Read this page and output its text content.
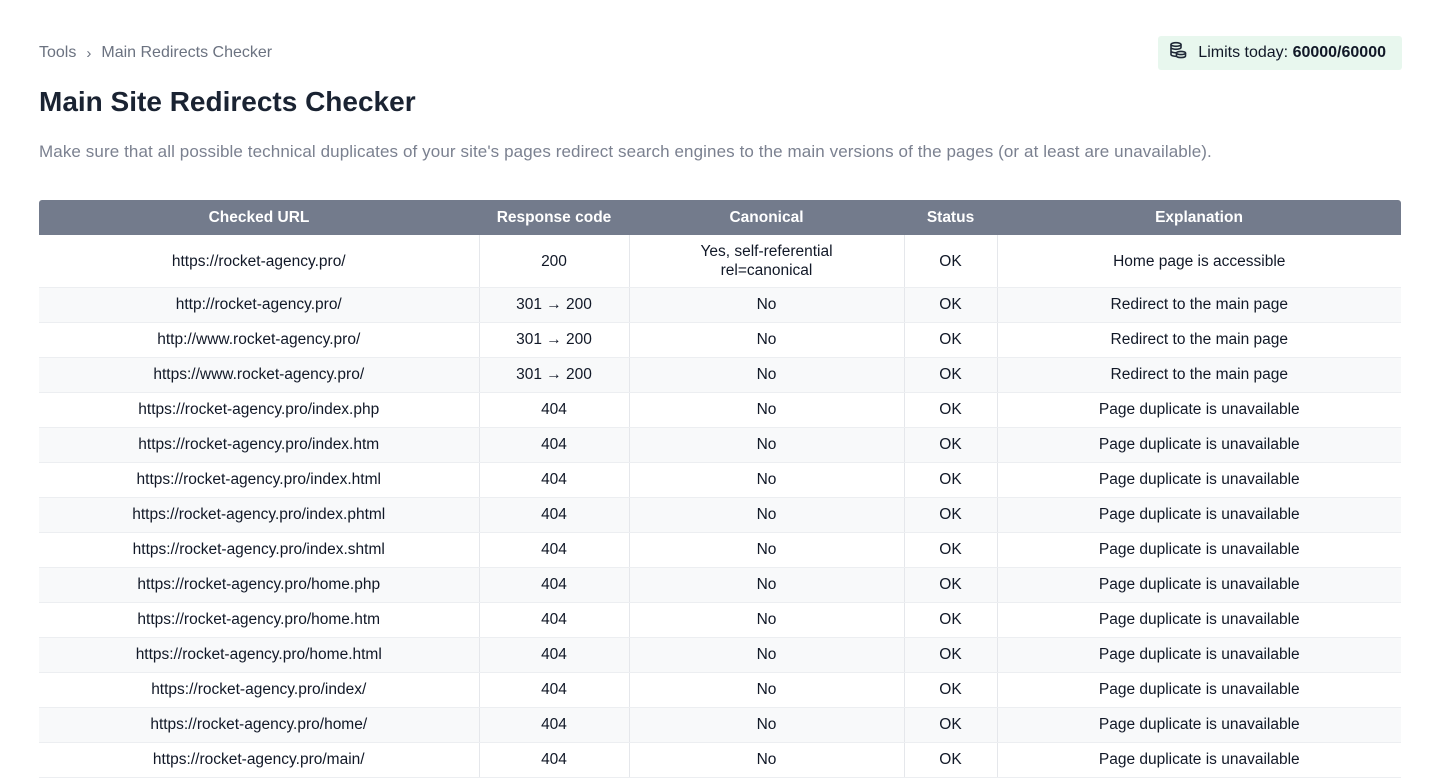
Tools › Main Redirects Checker	Limits today: 60000/60000
Main Site Redirects Checker

Make sure that all possible technical duplicates of your site's pages redirect search engines to the main versions of the pages (or at least are unavailable).

Checked URL	Response code	Canonical	Status	Explanation
https://rocket-agency.pro/	200	Yes, self-referential rel=canonical	OK	Home page is accessible
http://rocket-agency.pro/	301 → 200	No	OK	Redirect to the main page
http://www.rocket-agency.pro/	301 → 200	No	OK	Redirect to the main page
https://www.rocket-agency.pro/	301 → 200	No	OK	Redirect to the main page
https://rocket-agency.pro/index.php	404	No	OK	Page duplicate is unavailable
https://rocket-agency.pro/index.htm	404	No	OK	Page duplicate is unavailable
https://rocket-agency.pro/index.html	404	No	OK	Page duplicate is unavailable
https://rocket-agency.pro/index.phtml	404	No	OK	Page duplicate is unavailable
https://rocket-agency.pro/index.shtml	404	No	OK	Page duplicate is unavailable
https://rocket-agency.pro/home.php	404	No	OK	Page duplicate is unavailable
https://rocket-agency.pro/home.htm	404	No	OK	Page duplicate is unavailable
https://rocket-agency.pro/home.html	404	No	OK	Page duplicate is unavailable
https://rocket-agency.pro/index/	404	No	OK	Page duplicate is unavailable
https://rocket-agency.pro/home/	404	No	OK	Page duplicate is unavailable
https://rocket-agency.pro/main/	404	No	OK	Page duplicate is unavailable
